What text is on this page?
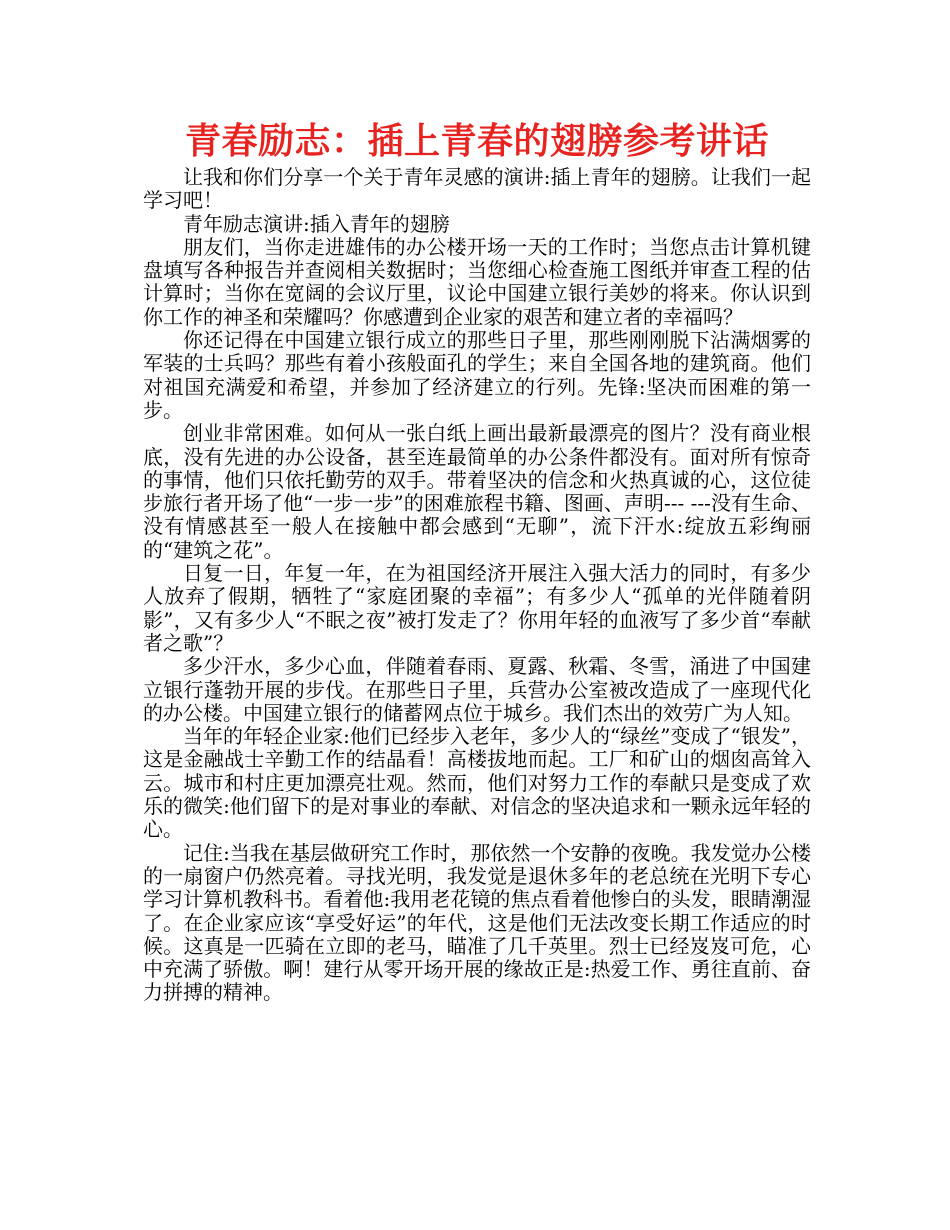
青春励志：插上青春的翅膀参考讲话

让我和你们分享一个关于青年灵感的演讲:插上青年的翅膀。让我们一起学习吧！

青年励志演讲:插入青年的翅膀

朋友们，当你走进雄伟的办公楼开场一天的工作时；当您点击计算机键盘填写各种报告并查阅相关数据时；当您细心检查施工图纸并审查工程的估计算时；当你在宽阔的会议厅里，议论中国建立银行美妙的将来。你认识到你工作的神圣和荣耀吗？你感遭到企业家的艰苦和建立者的幸福吗？

你还记得在中国建立银行成立的那些日子里，那些刚刚脱下沾满烟雾的军装的士兵吗？那些有着小孩般面孔的学生；来自全国各地的建筑商。他们对祖国充满爱和希望，并参加了经济建立的行列。先锋:坚决而困难的第一步。

创业非常困难。如何从一张白纸上画出最新最漂亮的图片？没有商业根底，没有先进的办公设备，甚至连最简单的办公条件都没有。面对所有惊奇的事情，他们只依托勤劳的双手。带着坚决的信念和火热真诚的心，这位徒步旅行者开场了他“一步一步”的困难旅程书籍、图画、声明--- ---没有生命、没有情感甚至一般人在接触中都会感到“无聊”，流下汗水:绽放五彩绚丽的“建筑之花”。

日复一日，年复一年，在为祖国经济开展注入强大活力的同时，有多少人放弃了假期，牺牲了“家庭团聚的幸福”；有多少人“孤单的光伴随着阴影”，又有多少人“不眠之夜”被打发走了？你用年轻的血液写了多少首“奉献者之歌”？

多少汗水，多少心血，伴随着春雨、夏露、秋霜、冬雪，涌进了中国建立银行蓬勃开展的步伐。在那些日子里，兵营办公室被改造成了一座现代化的办公楼。中国建立银行的储蓄网点位于城乡。我们杰出的效劳广为人知。

当年的年轻企业家:他们已经步入老年，多少人的“绿丝”变成了“银发”，这是金融战士辛勤工作的结晶看！高楼拔地而起。工厂和矿山的烟囱高耸入云。城市和村庄更加漂亮壮观。然而，他们对努力工作的奉献只是变成了欢乐的微笑:他们留下的是对事业的奉献、对信念的坚决追求和一颗永远年轻的心。

记住:当我在基层做研究工作时，那依然一个安静的夜晚。我发觉办公楼的一扇窗户仍然亮着。寻找光明，我发觉是退休多年的老总统在光明下专心学习计算机教科书。看着他:我用老花镜的焦点看着他惨白的头发，眼睛潮湿了。在企业家应该“享受好运”的年代，这是他们无法改变长期工作适应的时候。这真是一匹骑在立即的老马，瞄准了几千英里。烈士已经岌岌可危，心中充满了骄傲。啊！建行从零开场开展的缘故正是:热爱工作、勇往直前、奋力拼搏的精神。
